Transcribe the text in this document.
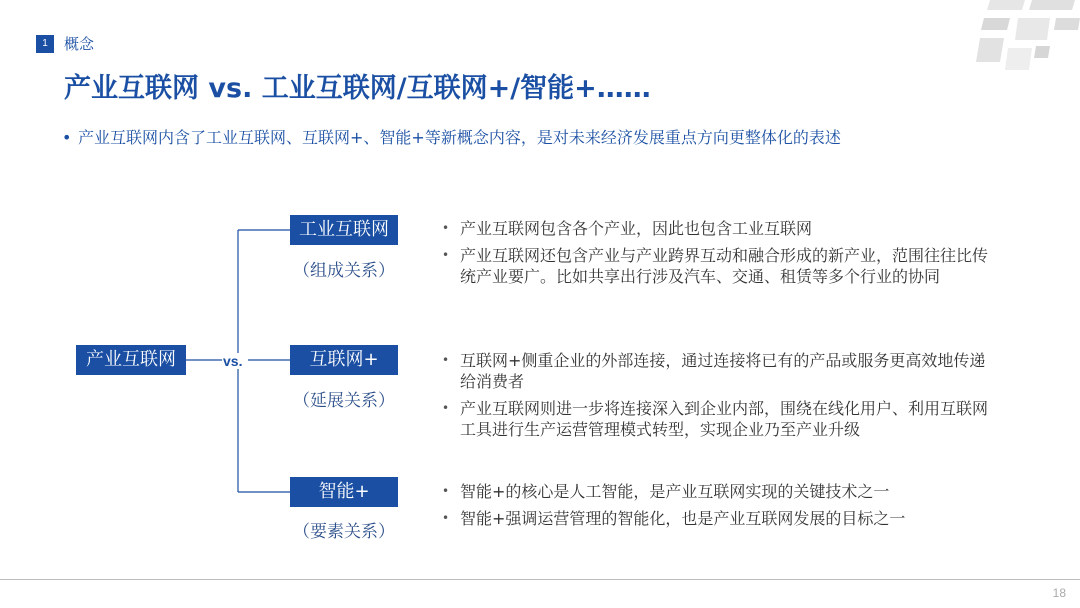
1	概念
产业互联网 vs. 工业互联网/互联网+/智能+……
• 产业互联网内含了工业互联网、互联网+、智能+等新概念内容，是对未来经济发展重点方向更整体化的表述
产业互联网	vs.
工业互联网
（组成关系）
互联网+
（延展关系）
智能+
（要素关系）
• 产业互联网包含各个产业，因此也包含工业互联网
• 产业互联网还包含产业与产业跨界互动和融合形成的新产业，范围往往比传统产业要广。比如共享出行涉及汽车、交通、租赁等多个行业的协同
• 互联网+侧重企业的外部连接，通过连接将已有的产品或服务更高效地传递给消费者
• 产业互联网则进一步将连接深入到企业内部，围绕在线化用户、利用互联网工具进行生产运营管理模式转型，实现企业乃至产业升级
• 智能+的核心是人工智能，是产业互联网实现的关键技术之一
• 智能+强调运营管理的智能化，也是产业互联网发展的目标之一
18
